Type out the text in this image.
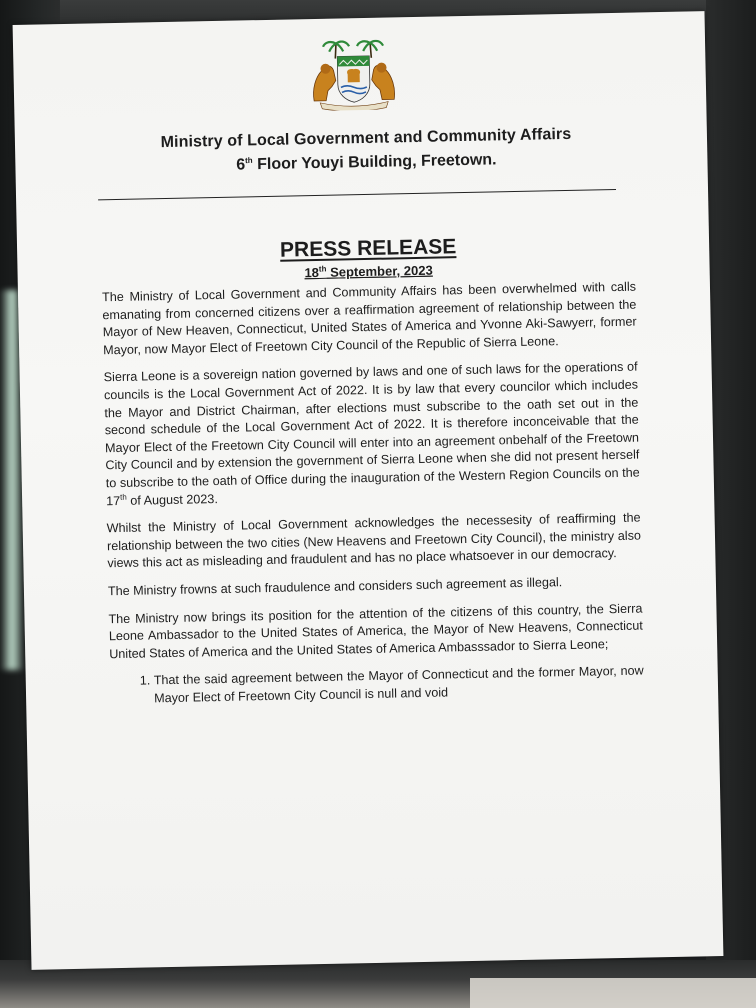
Ministry of Local Government and Community Affairs
6th Floor Youyi Building, Freetown.
PRESS RELEASE
18th September, 2023

The Ministry of Local Government and Community Affairs has been overwhelmed with calls emanating from concerned citizens over a reaffirmation agreement of relationship between the Mayor of New Heaven, Connecticut, United States of America and Yvonne Aki-Sawyerr, former Mayor, now Mayor Elect of Freetown City Council of the Republic of Sierra Leone.

Sierra Leone is a sovereign nation governed by laws and one of such laws for the operations of councils is the Local Government Act of 2022. It is by law that every councilor which includes the Mayor and District Chairman, after elections must subscribe to the oath set out in the second schedule of the Local Government Act of 2022. It is therefore inconceivable that the Mayor Elect of the Freetown City Council will enter into an agreement onbehalf of the Freetown City Council and by extension the government of Sierra Leone when she did not present herself to subscribe to the oath of Office during the inauguration of the Western Region Councils on the 17th of August 2023.

Whilst the Ministry of Local Government acknowledges the necessesity of reaffirming the relationship between the two cities (New Heavens and Freetown City Council), the ministry also views this act as misleading and fraudulent and has no place whatsoever in our democracy.

The Ministry frowns at such fraudulence and considers such agreement as illegal.

The Ministry now brings its position for the attention of the citizens of this country, the Sierra Leone Ambassador to the United States of America, the Mayor of New Heavens, Connecticut United States of America and the United States of America Ambasssador to Sierra Leone;

1. That the said agreement between the Mayor of Connecticut and the former Mayor, now Mayor Elect of Freetown City Council is null and void
